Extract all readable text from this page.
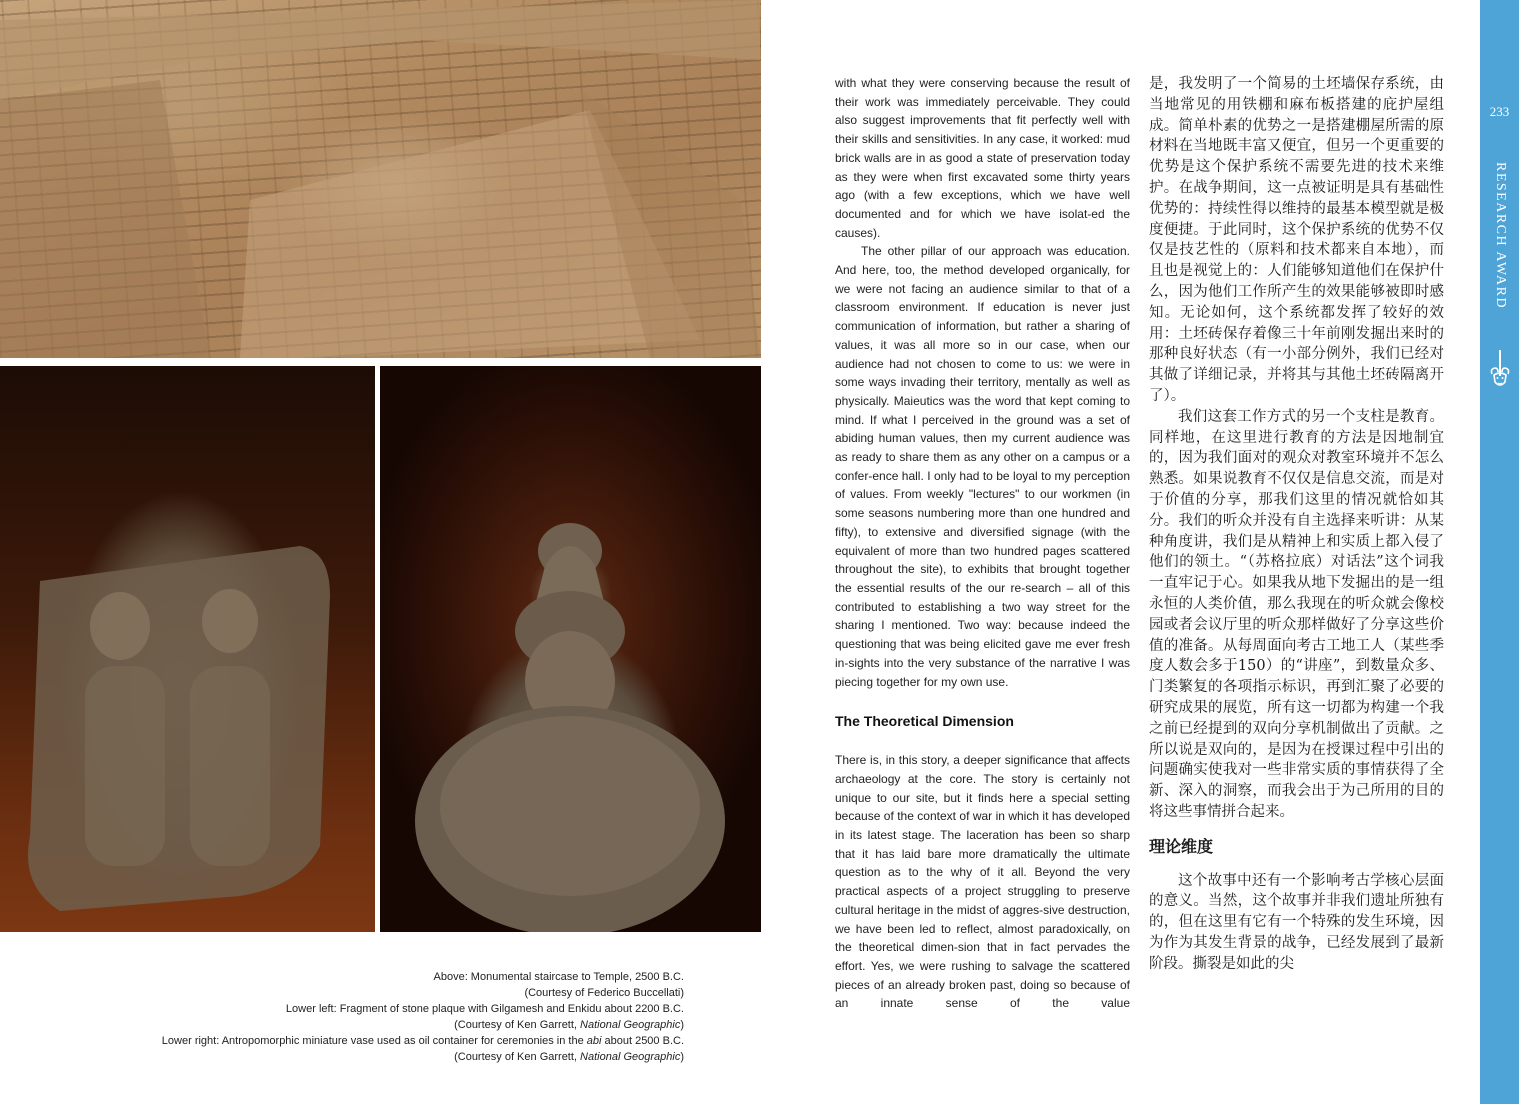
Above: Monumental staircase to Temple, 2500 B.C.
(Courtesy of Federico Buccellati)
Lower left: Fragment of stone plaque with Gilgamesh and Enkidu about 2200 B.C.
(Courtesy of Ken Garrett, National Geographic)
Lower right: Antropomorphic miniature vase used as oil container for ceremonies in the abi about 2500 B.C.
(Courtesy of Ken Garrett, National Geographic)

with what they were conserving because the result of their work was immediately perceivable. They could also suggest improvements that fit perfectly well with their skills and sensitivities. In any case, it worked: mud brick walls are in as good a state of preservation today as they were when first excavated some thirty years ago (with a few exceptions, which we have well documented and for which we have isolat-ed the causes).

The other pillar of our approach was education. And here, too, the method developed organically, for we were not facing an audience similar to that of a classroom environment. If education is never just communication of information, but rather a sharing of values, it was all more so in our case, when our audience had not chosen to come to us: we were in some ways invading their territory, mentally as well as physically. Maieutics was the word that kept coming to mind. If what I perceived in the ground was a set of abiding human values, then my current audience was as ready to share them as any other on a campus or a confer-ence hall. I only had to be loyal to my perception of values. From weekly "lectures" to our workmen (in some seasons numbering more than one hundred and fifty), to extensive and diversified signage (with the equivalent of more than two hundred pages scattered throughout the site), to exhibits that brought together the essential results of the our re-search – all of this contributed to establishing a two way street for the sharing I mentioned. Two way: because indeed the questioning that was being elicited gave me ever fresh in-sights into the very substance of the narrative I was piecing together for my own use.

The Theoretical Dimension

There is, in this story, a deeper significance that affects archaeology at the core. The story is certainly not unique to our site, but it finds here a special setting because of the context of war in which it has developed in its latest stage. The laceration has been so sharp that it has laid bare more dramatically the ultimate question as to the why of it all. Beyond the very practical aspects of a project struggling to preserve cultural heritage in the midst of aggres-sive destruction, we have been led to reflect, almost paradoxically, on the theoretical dimen-sion that in fact pervades the effort. Yes, we were rushing to salvage the scattered pieces of an already broken past, doing so because of an innate sense of the value

是，我发明了一个简易的土坯墙保存系统，由当地常见的用铁棚和麻布板搭建的庇护屋组成。简单朴素的优势之一是搭建棚屋所需的原材料在当地既丰富又便宜，但另一个更重要的优势是这个保护系统不需要先进的技术来维护。在战争期间，这一点被证明是具有基础性优势的：持续性得以维持的最基本模型就是极度便捷。于此同时，这个保护系统的优势不仅仅是技艺性的（原料和技术都来自本地），而且也是视觉上的：人们能够知道他们在保护什么，因为他们工作所产生的效果能够被即时感知。无论如何，这个系统都发挥了较好的效用：土坯砖保存着像三十年前刚发掘出来时的那种良好状态（有一小部分例外，我们已经对其做了详细记录，并将其与其他土坯砖隔离开了）。

我们这套工作方式的另一个支柱是教育。同样地，在这里进行教育的方法是因地制宜的，因为我们面对的观众对教室环境并不怎么熟悉。如果说教育不仅仅是信息交流，而是对于价值的分享，那我们这里的情况就恰如其分。我们的听众并没有自主选择来听讲：从某种角度讲，我们是从精神上和实质上都入侵了他们的领土。“（苏格拉底）对话法”这个词我一直牢记于心。如果我从地下发掘出的是一组永恒的人类价值，那么我现在的听众就会像校园或者会议厅里的听众那样做好了分享这些价值的准备。从每周面向考古工地工人（某些季度人数会多于150）的“讲座”，到数量众多、门类繁复的各项指示标识，再到汇聚了必要的研究成果的展览，所有这一切都为构建一个我之前已经提到的双向分享机制做出了贡献。之所以说是双向的，是因为在授课过程中引出的问题确实使我对一些非常实质的事情获得了全新、深入的洞察，而我会出于为己所用的目的将这些事情拼合起来。

理论维度

这个故事中还有一个影响考古学核心层面的意义。当然，这个故事并非我们遗址所独有的，但在这里有它有一个特殊的发生环境，因为作为其发生背景的战争，已经发展到了最新阶段。撕裂是如此的尖

233
RESEARCH AWARD
